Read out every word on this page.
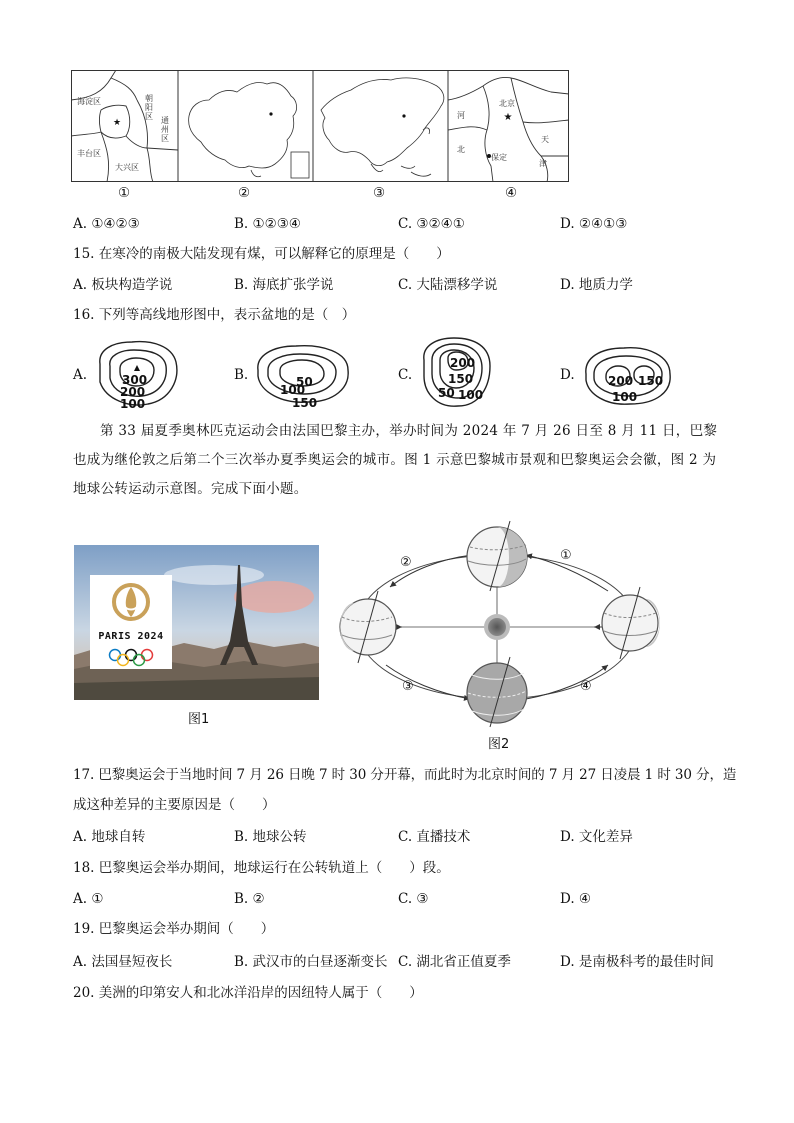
★	★
海淀区	朝阳区 通州区
丰台区
大兴区
北京
天
津
河
北
保定
①	②	③	④
A. ①④②③	B. ①②③④	C. ③②④①	D. ②④①③
15. 在寒冷的南极大陆发现有煤，可以解释它的原理是（　　）
A. 板块构造学说	B. 海底扩张学说	C. 大陆漂移学说	D. 地质力学
16. 下列等高线地形图中，表示盆地的是（　）
A.	B.	C.	D.
300
200
100
50
100
150
200
150
50 100
200 150
100
第 33 届夏季奥林匹克运动会由法国巴黎主办，举办时间为 2024 年 7 月 26 日至 8 月 11 日，巴黎也成为继伦敦之后第二个三次举办夏季奥运会的城市。图 1 示意巴黎城市景观和巴黎奥运会会徽，图 2 为地球公转运动示意图。完成下面小题。
PARIS 2024
图1
①
②
③	④
图2
17. 巴黎奥运会于当地时间 7 月 26 日晚 7 时 30 分开幕，而此时为北京时间的 7 月 27 日凌晨 1 时 30 分，造
成这种差异的主要原因是（　　）
A. 地球自转	B. 地球公转	C. 直播技术	D. 文化差异
18. 巴黎奥运会举办期间，地球运行在公转轨道上（　　）段。
A. ①	B. ②	C. ③	D. ④
19. 巴黎奥运会举办期间（　　）
A. 法国昼短夜长	B. 武汉市的白昼逐渐变长 C. 湖北省正值夏季	D. 是南极科考的最佳时间
20. 美洲的印第安人和北冰洋沿岸的因纽特人属于（　　）
